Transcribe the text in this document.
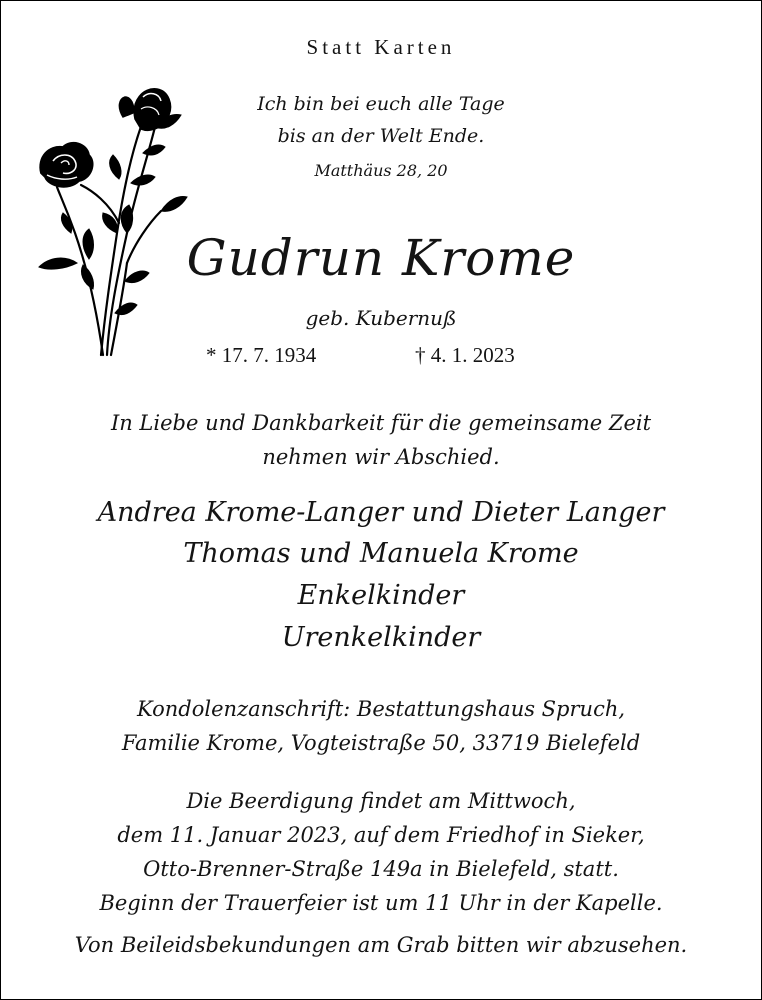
Statt Karten
Ich bin bei euch alle Tage
bis an der Welt Ende.
Matthäus 28, 20
Gudrun Krome
geb. Kubernuß
* 17. 7. 1934	† 4. 1. 2023
In Liebe und Dankbarkeit für die gemeinsame Zeit
nehmen wir Abschied.
Andrea Krome-Langer und Dieter Langer
Thomas und Manuela Krome
Enkelkinder
Urenkelkinder
Kondolenzanschrift: Bestattungshaus Spruch,
Familie Krome, Vogteistraße 50, 33719 Bielefeld
Die Beerdigung findet am Mittwoch,
dem 11. Januar 2023, auf dem Friedhof in Sieker,
Otto-Brenner-Straße 149a in Bielefeld, statt.
Beginn der Trauerfeier ist um 11 Uhr in der Kapelle.
Von Beileidsbekundungen am Grab bitten wir abzusehen.
